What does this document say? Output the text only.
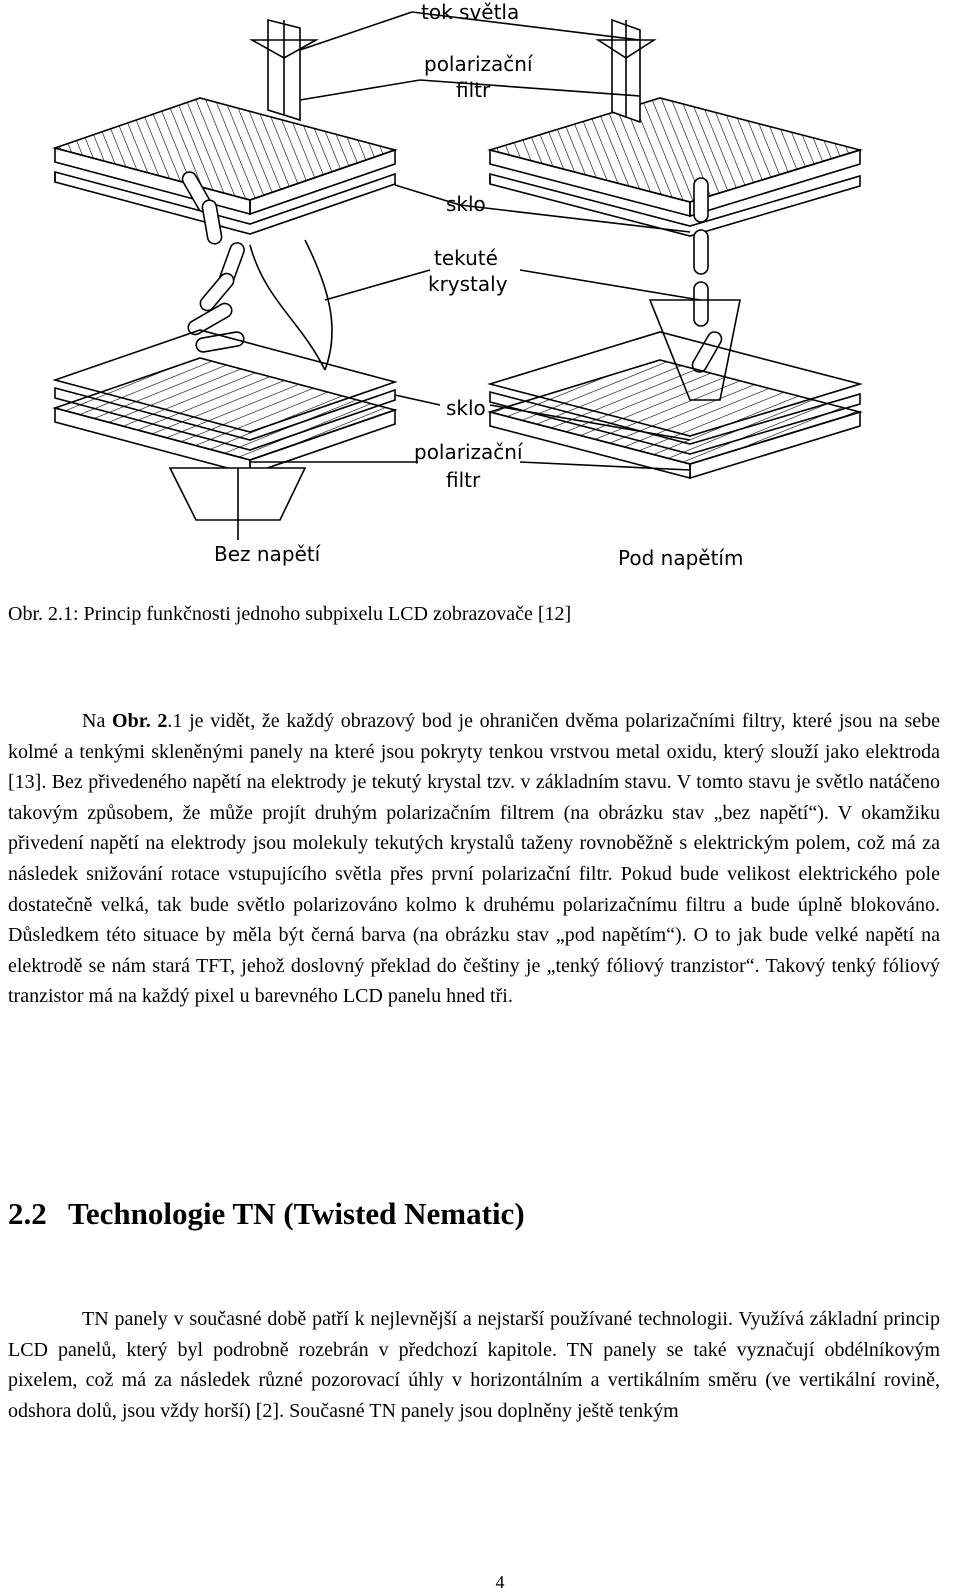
tok světla
polarizační
filtr
sklo
tekuté
krystaly
sklo
polarizační
filtr
Bez napětí	Pod napětím
Obr. 2.1: Princip funkčnosti jednoho subpixelu LCD zobrazovače [12]

Na Obr. 2.1 je vidět, že každý obrazový bod je ohraničen dvěma polarizačními filtry, které jsou na sebe kolmé a tenkými skleněnými panely na které jsou pokryty tenkou vrstvou metal oxidu, který slouží jako elektroda [13]. Bez přivedeného napětí na elektrody je tekutý krystal tzv. v základním stavu. V tomto stavu je světlo natáčeno takovým způsobem, že může projít druhým polarizačním filtrem (na obrázku stav „bez napětí“). V okamžiku přivedení napětí na elektrody jsou molekuly tekutých krystalů taženy rovnoběžně s elektrickým polem, což má za následek snižování rotace vstupujícího světla přes první polarizační filtr. Pokud bude velikost elektrického pole dostatečně velká, tak bude světlo polarizováno kolmo k druhému polarizačnímu filtru a bude úplně blokováno. Důsledkem této situace by měla být černá barva (na obrázku stav „pod napětím“). O to jak bude velké napětí na elektrodě se nám stará TFT, jehož doslovný překlad do češtiny je „tenký fóliový tranzistor“. Takový tenký fóliový tranzistor má na každý pixel u barevného LCD panelu hned tři.

2.2 Technologie TN (Twisted Nematic)

TN panely v současné době patří k nejlevnější a nejstarší používané technologii. Využívá základní princip LCD panelů, který byl podrobně rozebrán v předchozí kapitole. TN panely se také vyznačují obdélníkovým pixelem, což má za následek různé pozorovací úhly v horizontálním a vertikálním směru (ve vertikální rovině, odshora dolů, jsou vždy horší) [2]. Současné TN panely jsou doplněny ještě tenkým

4
